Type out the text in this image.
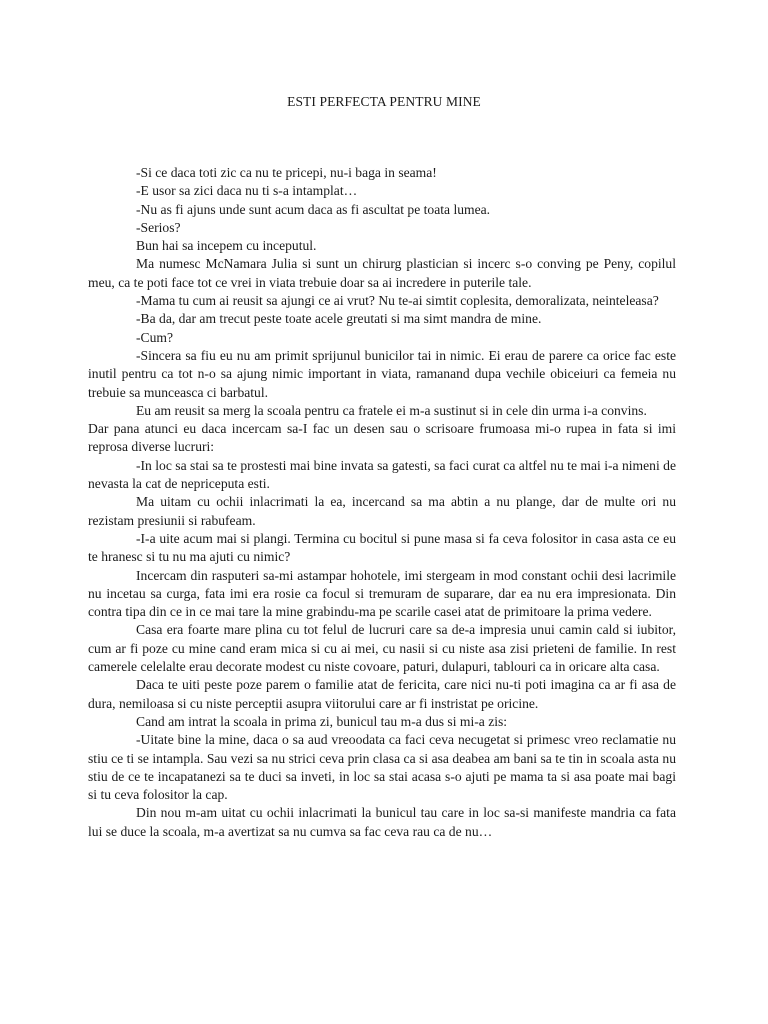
ESTI PERFECTA PENTRU MINE

-Si ce daca toti zic ca nu te pricepi, nu-i baga in seama!

-E usor sa zici daca nu ti s-a intamplat…

-Nu as fi ajuns unde sunt acum daca as fi ascultat pe toata lumea.

-Serios?

Bun hai sa incepem cu inceputul.

Ma numesc McNamara Julia si sunt un chirurg plastician si incerc s-o conving pe Peny, copilul meu, ca te poti face tot ce vrei in viata trebuie doar sa ai incredere in puterile tale.

-Mama tu cum ai reusit sa ajungi ce ai vrut? Nu te-ai simtit coplesita, demoralizata, neinteleasa?

-Ba da, dar am trecut peste toate acele greutati si ma simt mandra de mine.

-Cum?

-Sincera sa fiu eu nu am primit sprijunul bunicilor tai in nimic. Ei erau de parere ca orice fac este inutil pentru ca tot n-o sa ajung nimic important in viata, ramanand dupa vechile obiceiuri ca femeia nu trebuie sa munceasca ci barbatul.

Eu am reusit sa merg la scoala pentru ca fratele ei m-a sustinut si in cele din urma i-a convins.

Dar pana atunci eu daca incercam sa-I fac un desen sau o scrisoare frumoasa mi-o rupea in fata si imi reprosa diverse lucruri:

-In loc sa stai sa te prostesti mai bine invata sa gatesti, sa faci curat ca altfel nu te mai i-a nimeni de nevasta la cat de nepriceputa esti.

Ma uitam cu ochii inlacrimati la ea, incercand sa ma abtin a nu plange, dar de multe ori nu rezistam presiunii si rabufeam.

-I-a uite acum mai si plangi. Termina cu bocitul si pune masa si fa ceva folositor in casa asta ce eu te hranesc si tu nu ma ajuti cu nimic?

Incercam din rasputeri sa-mi astampar hohotele, imi stergeam in mod constant ochii desi lacrimile nu incetau sa curga, fata imi era rosie ca focul si tremuram de suparare, dar ea nu era impresionata. Din contra tipa din ce in ce mai tare la mine grabindu-ma pe scarile casei atat de primitoare la prima vedere.

Casa era foarte mare plina cu tot felul de lucruri care sa de-a impresia unui camin cald si iubitor, cum ar fi poze cu mine cand eram mica si cu ai mei, cu nasii si cu niste asa zisi prieteni de familie. In rest camerele celelalte erau decorate modest cu niste covoare, paturi, dulapuri, tablouri ca in oricare alta casa.

Daca te uiti peste poze parem o familie atat de fericita, care nici nu-ti poti imagina ca ar fi asa de dura, nemiloasa si cu niste perceptii asupra viitorului care ar fi instristat pe oricine.

Cand am intrat la scoala in prima zi, bunicul tau m-a dus si mi-a zis:

-Uitate bine la mine, daca o sa aud vreoodata ca faci ceva necugetat si primesc vreo reclamatie nu stiu ce ti se intampla. Sau vezi sa nu strici ceva prin clasa ca si asa deabea am bani sa te tin in scoala asta nu stiu de ce te incapatanezi sa te duci sa inveti, in loc sa stai acasa s-o ajuti pe mama ta si asa poate mai bagi si tu ceva folositor la cap.

Din nou m-am uitat cu ochii inlacrimati la bunicul tau care in loc sa-si manifeste mandria ca fata lui se duce la scoala, m-a avertizat sa nu cumva sa fac ceva rau ca de nu…
